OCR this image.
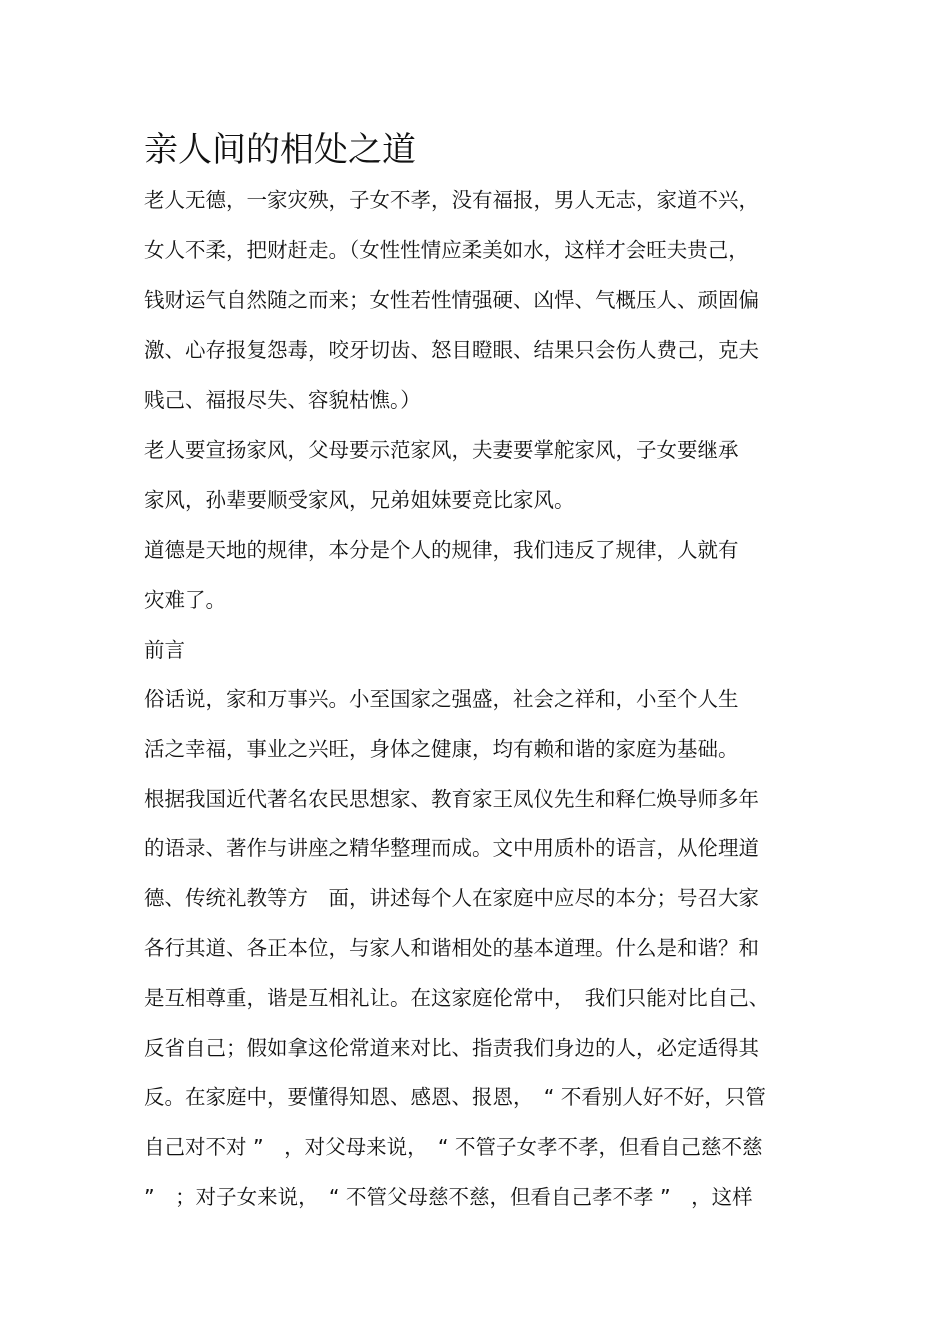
亲人间的相处之道
老人无德，一家灾殃，子女不孝，没有福报，男人无志，家道不兴，
女人不柔，把财赶走。（女性性情应柔美如水，这样才会旺夫贵己，
钱财运气自然随之而来；女性若性情强硬、凶悍、气概压人、顽固偏
激、心存报复怨毒，咬牙切齿、怒目瞪眼、结果只会伤人费己，克夫
贱己、福报尽失、容貌枯憔。）
老人要宣扬家风，父母要示范家风，夫妻要掌舵家风，子女要继承
家风，孙辈要顺受家风，兄弟姐妹要竞比家风。
道德是天地的规律，本分是个人的规律，我们违反了规律，人就有
灾难了。
前言
俗话说，家和万事兴。小至国家之强盛，社会之祥和，小至个人生
活之幸福，事业之兴旺，身体之健康，均有赖和谐的家庭为基础。
根据我国近代著名农民思想家、教育家王凤仪先生和释仁焕导师多年
的语录、著作与讲座之精华整理而成。文中用质朴的语言，从伦理道
德、传统礼教等方　面，讲述每个人在家庭中应尽的本分；号召大家
各行其道、各正本位，与家人和谐相处的基本道理。什么是和谐？和
是互相尊重，谐是互相礼让。在这家庭伦常中，　我们只能对比自己、
反省自己；假如拿这伦常道来对比、指责我们身边的人，必定适得其
反。在家庭中，要懂得知恩、感恩、报恩，　“ 不看别人好不好，只管
自己对不对 ”　，对父母来说，　“ 不管子女孝不孝，但看自己慈不慈
”　；对子女来说，　“ 不管父母慈不慈，但看自己孝不孝 ”　，这样
